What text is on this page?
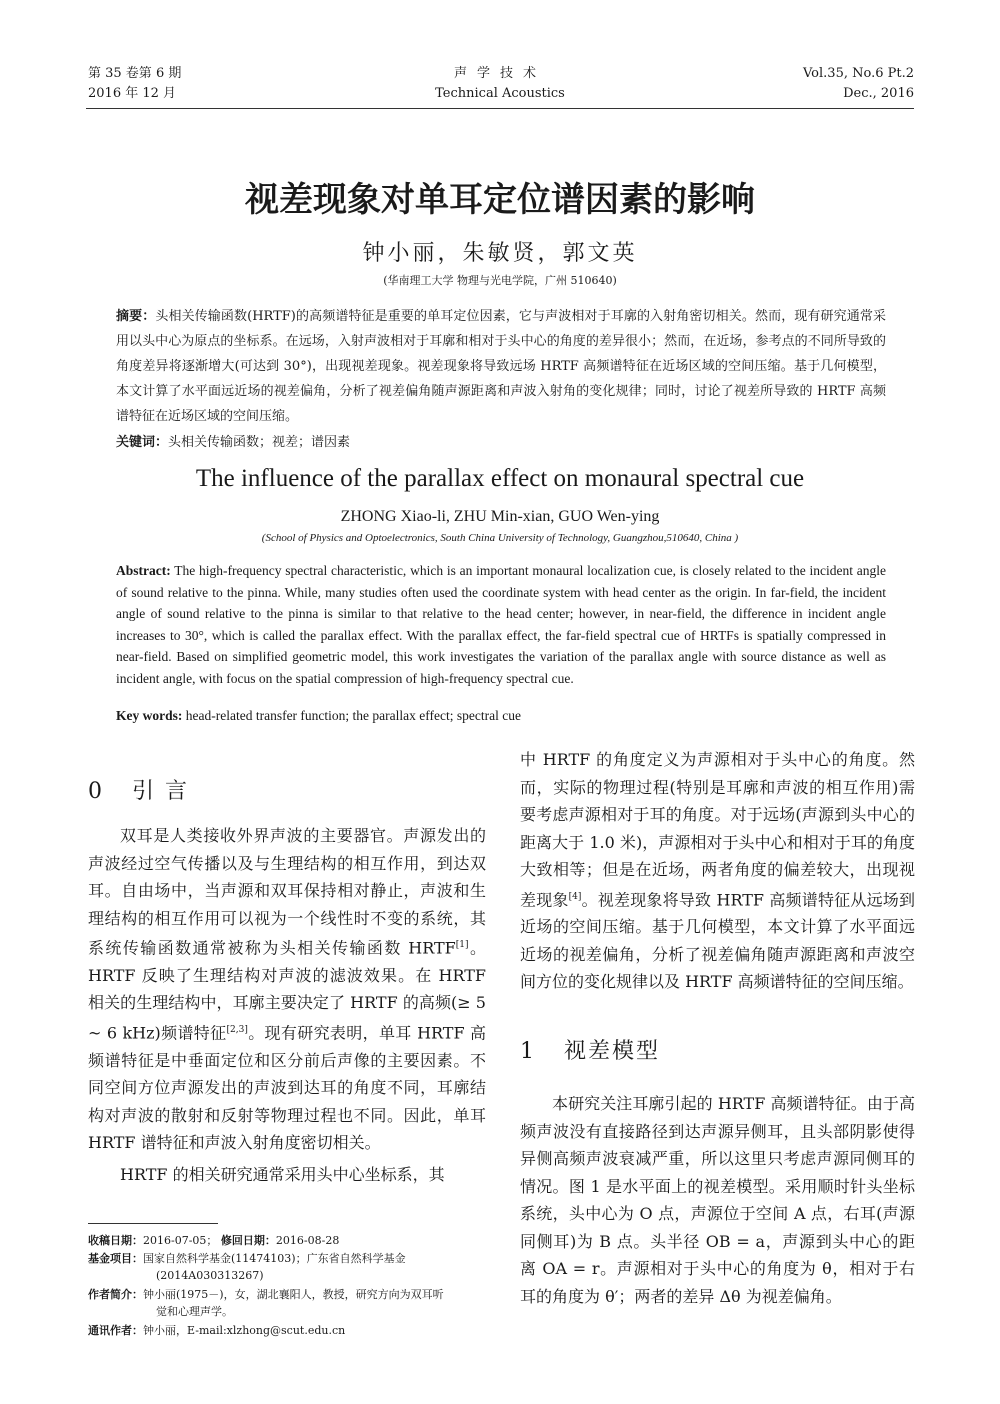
第 35 卷第 6 期
2016 年 12 月
声学技术
Technical Acoustics
Vol.35, No.6 Pt.2
Dec., 2016
视差现象对单耳定位谱因素的影响
钟小丽，朱敏贤，郭文英
(华南理工大学 物理与光电学院，广州 510640)
摘要：头相关传输函数(HRTF)的高频谱特征是重要的单耳定位因素，它与声波相对于耳廓的入射角密切相关。然而，现有研究通常采用以头中心为原点的坐标系。在远场，入射声波相对于耳廓和相对于头中心的角度的差异很小；然而，在近场，参考点的不同所导致的角度差异将逐渐增大(可达到 30°)，出现视差现象。视差现象将导致远场 HRTF 高频谱特征在近场区域的空间压缩。基于几何模型，本文计算了水平面远近场的视差偏角，分析了视差偏角随声源距离和声波入射角的变化规律；同时，讨论了视差所导致的 HRTF 高频谱特征在近场区域的空间压缩。
关键词：头相关传输函数；视差；谱因素
The influence of the parallax effect on monaural spectral cue
ZHONG Xiao-li, ZHU Min-xian, GUO Wen-ying
(School of Physics and Optoelectronics, South China University of Technology, Guangzhou,510640, China )
Abstract: The high-frequency spectral characteristic, which is an important monaural localization cue, is closely related to the incident angle of sound relative to the pinna. While, many studies often used the coordinate system with head center as the origin. In far-field, the incident angle of sound relative to the pinna is similar to that relative to the head center; however, in near-field, the difference in incident angle increases to 30°, which is called the parallax effect. With the parallax effect, the far-field spectral cue of HRTFs is spatially compressed in near-field. Based on simplified geometric model, this work investigates the variation of the parallax angle with source distance as well as incident angle, with focus on the spatial compression of high-frequency spectral cue.
Key words: head-related transfer function; the parallax effect; spectral cue
0 引 言

双耳是人类接收外界声波的主要器官。声源发出的声波经过空气传播以及与生理结构的相互作用，到达双耳。自由场中，当声源和双耳保持相对静止，声波和生理结构的相互作用可以视为一个线性时不变的系统，其系统传输函数通常被称为头相关传输函数 HRTF[1]。HRTF 反映了生理结构对声波的滤波效果。在 HRTF 相关的生理结构中，耳廓主要决定了 HRTF 的高频(≥ 5 ~ 6 kHz)频谱特征[2,3]。现有研究表明，单耳 HRTF 高频谱特征是中垂面定位和区分前后声像的主要因素。不同空间方位声源发出的声波到达耳的角度不同，耳廓结构对声波的散射和反射等物理过程也不同。因此，单耳 HRTF 谱特征和声波入射角度密切相关。

HRTF 的相关研究通常采用头中心坐标系，其

收稿日期：2016-07-05； 修回日期：2016-08-28
基金项目：国家自然科学基金(11474103)；广东省自然科学基金
(2014A030313267)
作者简介：钟小丽(1975－)，女，湖北襄阳人，教授，研究方向为双耳听
觉和心理声学。
通讯作者：钟小丽，E-mail:xlzhong@scut.edu.cn

中 HRTF 的角度定义为声源相对于头中心的角度。然而，实际的物理过程(特别是耳廓和声波的相互作用)需要考虑声源相对于耳的角度。对于远场(声源到头中心的距离大于 1.0 米)，声源相对于头中心和相对于耳的角度大致相等；但是在近场，两者角度的偏差较大，出现视差现象[4]。视差现象将导致 HRTF 高频谱特征从远场到近场的空间压缩。基于几何模型，本文计算了水平面远近场的视差偏角，分析了视差偏角随声源距离和声波空间方位的变化规律以及 HRTF 高频谱特征的空间压缩。

1 视差模型

本研究关注耳廓引起的 HRTF 高频谱特征。由于高频声波没有直接路径到达声源异侧耳，且头部阴影使得异侧高频声波衰减严重，所以这里只考虑声源同侧耳的情况。图 1 是水平面上的视差模型。采用顺时针头坐标系统，头中心为 O 点，声源位于空间 A 点，右耳(声源同侧耳)为 B 点。头半径 OB = a，声源到头中心的距离 OA = r。声源相对于头中心的角度为 θ，相对于右耳的角度为 θ′；两者的差异 Δθ 为视差偏角。
